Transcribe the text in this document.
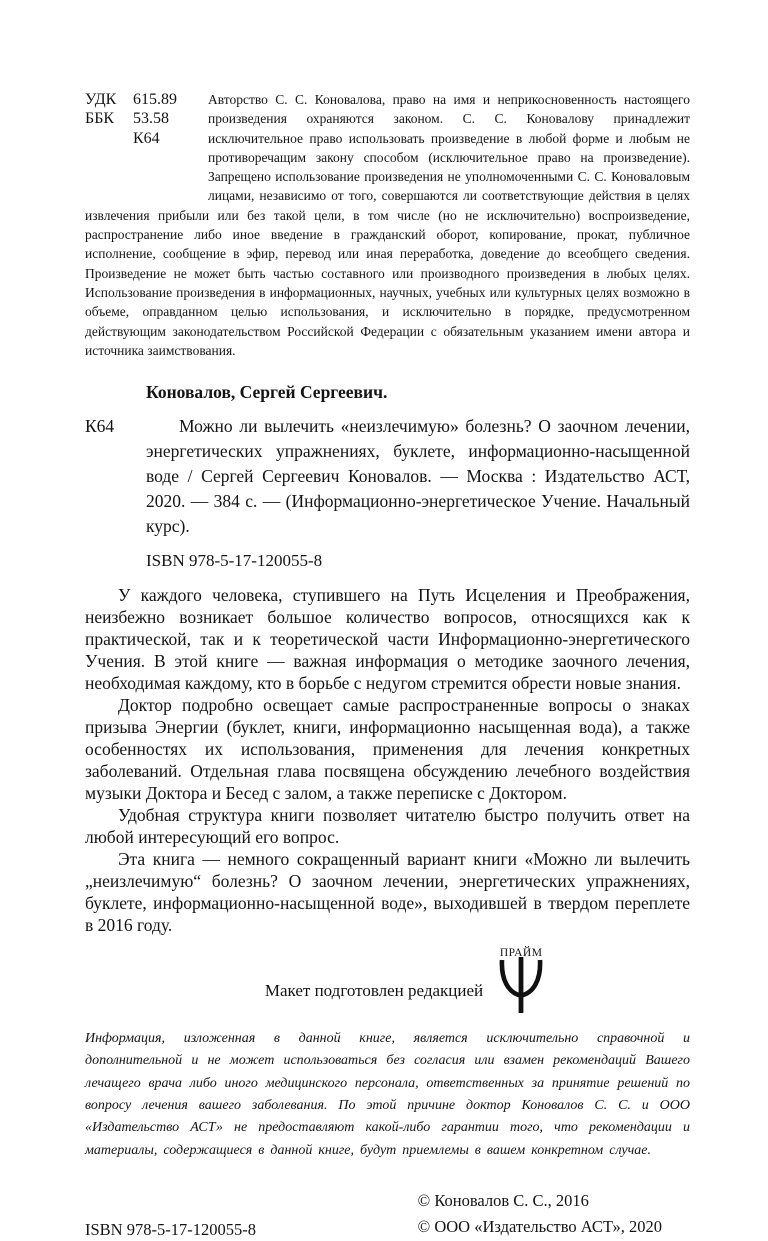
УДК	615.89
ББК	53.58
К64

Авторство С. С. Коновалова, право на имя и неприкосновенность настоящего произведения охраняются законом. С. С. Коновалову принадлежит исключительное право использовать произведение в любой форме и любым не противоречащим закону способом (исключительное право на произведение). Запрещено использование произведения не уполномоченными С. С. Коноваловым лицами, независимо от того, совершаются ли соответствующие действия в целях извлечения прибыли или без такой цели, в том числе (но не исключительно) воспроизведение, распространение либо иное введение в гражданский оборот, копирование, прокат, публичное исполнение, сообщение в эфир, перевод или иная переработка, доведение до всеобщего сведения. Произведение не может быть частью составного или производного произведения в любых целях. Использование произведения в информационных, научных, учебных или культурных целях возможно в объеме, оправданном целью использования, и исключительно в порядке, предусмотренном действующим законодательством Российской Федерации с обязательным указанием имени автора и источника заимствования.

Коновалов, Сергей Сергеевич.
К64	Можно ли вылечить «неизлечимую» болезнь? О заочном лечении, энергетических упражнениях, буклете, информационно-насыщенной воде / Сергей Сергеевич Коновалов. — Москва : Издательство АСТ, 2020. — 384 с. — (Информационно-энергетическое Учение. Начальный курс).

ISBN 978-5-17-120055-8

У каждого человека, ступившего на Путь Исцеления и Преображения, неизбежно возникает большое количество вопросов, относящихся как к практической, так и к теоретической части Информационно-энергетического Учения. В этой книге — важная информация о методике заочного лечения, необходимая каждому, кто в борьбе с недугом стремится обрести новые знания.

Доктор подробно освещает самые распространенные вопросы о знаках призыва Энергии (буклет, книги, информационно насыщенная вода), а также особенностях их использования, применения для лечения конкретных заболеваний. Отдельная глава посвящена обсуждению лечебного воздействия музыки Доктора и Бесед с залом, а также переписке с Доктором.

Удобная структура книги позволяет читателю быстро получить ответ на любой интересующий его вопрос.

Эта книга — немного сокращенный вариант книги «Можно ли вылечить „неизлечимую“ болезнь? О заочном лечении, энергетических упражнениях, буклете, информационно-насыщенной воде», выходившей в твердом переплете в 2016 году.

Макет подготовлен редакцией
ПРАЙМ

Информация, изложенная в данной книге, является исключительно справочной и дополнительной и не может использоваться без согласия или взамен рекомендаций Вашего лечащего врача либо иного медицинского персонала, ответственных за принятие решений по вопросу лечения вашего заболевания. По этой причине доктор Коновалов С. С. и ООО «Издательство АСТ» не предоставляют какой-либо гарантии того, что рекомендации и материалы, содержащиеся в данной книге, будут приемлемы в вашем конкретном случае.

ISBN 978-5-17-120055-8
© Коновалов С. С., 2016
© ООО «Издательство АСТ», 2020
